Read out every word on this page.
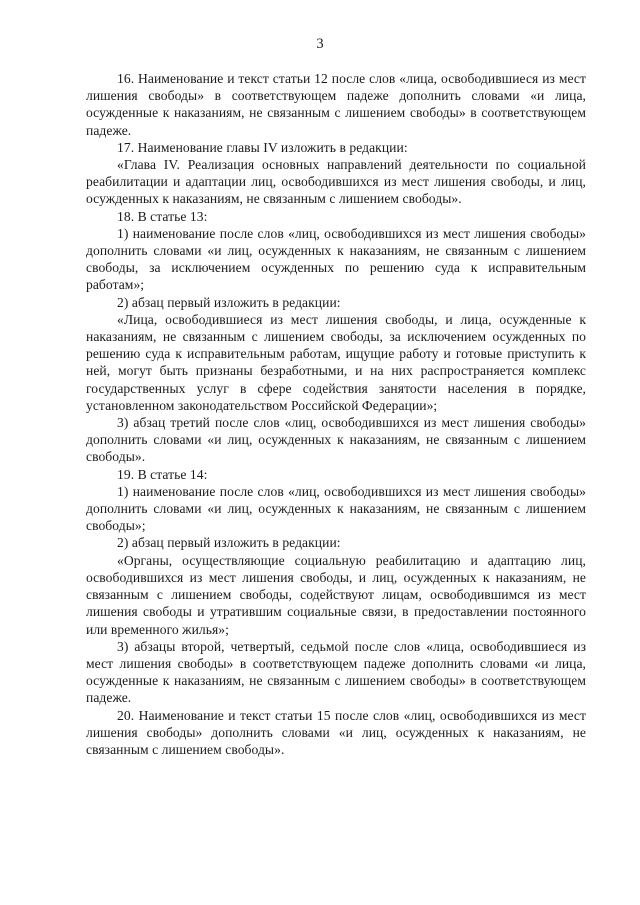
3

16. Наименование и текст статьи 12 после слов «лица, освободившиеся из мест лишения свободы» в соответствующем падеже дополнить словами «и лица, осужденные к наказаниям, не связанным с лишением свободы» в соответствующем падеже.

17. Наименование главы IV изложить в редакции:

«Глава IV. Реализация основных направлений деятельности по социальной реабилитации и адаптации лиц, освободившихся из мест лишения свободы, и лиц, осужденных к наказаниям, не связанным с лишением свободы».

18. В статье 13:

1) наименование после слов «лиц, освободившихся из мест лишения свободы» дополнить словами «и лиц, осужденных к наказаниям, не связанным с лишением свободы, за исключением осужденных по решению суда к исправительным работам»;

2) абзац первый изложить в редакции:

«Лица, освободившиеся из мест лишения свободы, и лица, осужденные к наказаниям, не связанным с лишением свободы, за исключением осужденных по решению суда к исправительным работам, ищущие работу и готовые приступить к ней, могут быть признаны безработными, и на них распространяется комплекс государственных услуг в сфере содействия занятости населения в порядке, установленном законодательством Российской Федерации»;

3) абзац третий после слов «лиц, освободившихся из мест лишения свободы» дополнить словами «и лиц, осужденных к наказаниям, не связанным с лишением свободы».

19. В статье 14:

1) наименование после слов «лиц, освободившихся из мест лишения свободы» дополнить словами «и лиц, осужденных к наказаниям, не связанным с лишением свободы»;

2) абзац первый изложить в редакции:

«Органы, осуществляющие социальную реабилитацию и адаптацию лиц, освободившихся из мест лишения свободы, и лиц, осужденных к наказаниям, не связанным с лишением свободы, содействуют лицам, освободившимся из мест лишения свободы и утратившим социальные связи, в предоставлении постоянного или временного жилья»;

3) абзацы второй, четвертый, седьмой после слов «лица, освободившиеся из мест лишения свободы» в соответствующем падеже дополнить словами «и лица, осужденные к наказаниям, не связанным с лишением свободы» в соответствующем падеже.

20. Наименование и текст статьи 15 после слов «лиц, освободившихся из мест лишения свободы» дополнить словами «и лиц, осужденных к наказаниям, не связанным с лишением свободы».
